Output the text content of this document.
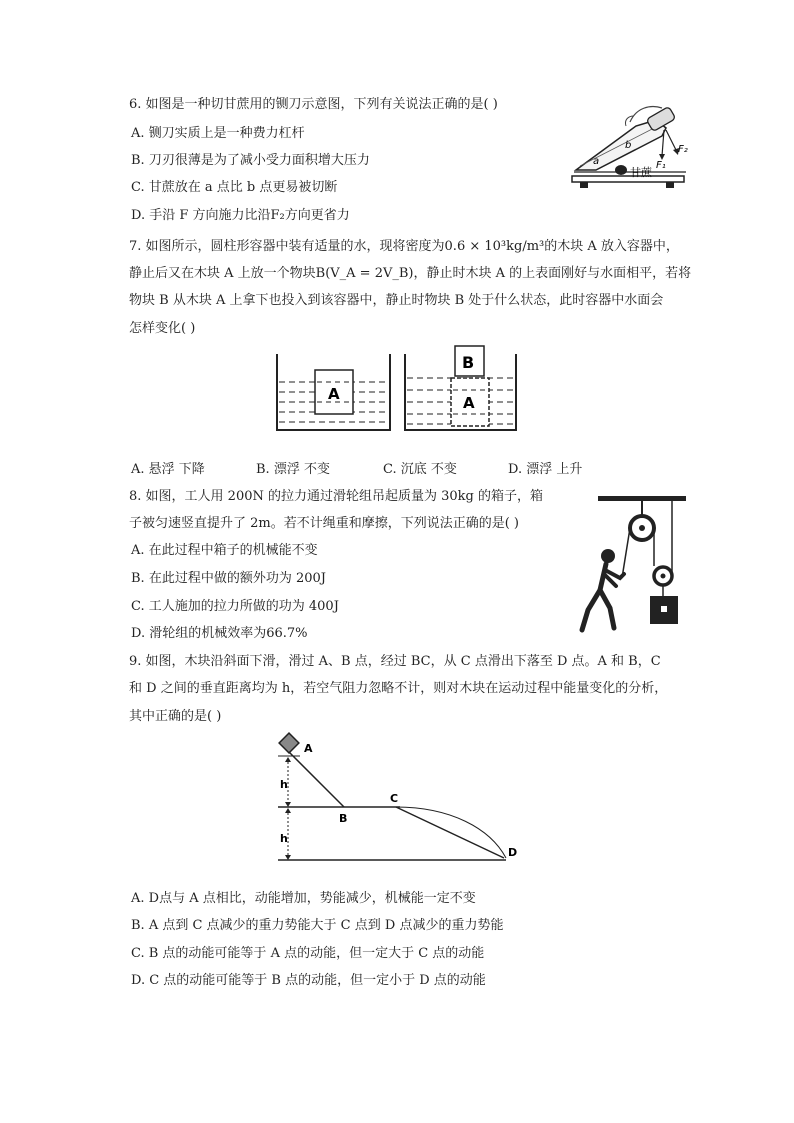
6. 如图是一种切甘蔗用的铡刀示意图，下列有关说法正确的是( )
A. 铡刀实质上是一种费力杠杆
B. 刀刃很薄是为了减小受力面积增大压力
C. 甘蔗放在 a 点比 b 点更易被切断
D. 手沿 F 方向施力比沿F₂方向更省力
a
b
甘蔗
F₁
F₂
7. 如图所示，圆柱形容器中装有适量的水，现将密度为0.6 × 10³kg/m³的木块 A 放入容器中，
静止后又在木块 A 上放一个物块B(V_A = 2V_B)，静止时木块 A 的上表面刚好与水面相平，若将
物块 B 从木块 A 上拿下也投入到该容器中，静止时物块 B 处于什么状态，此时容器中水面会
怎样变化( )
A
B
A
A. 悬浮 下降	B. 漂浮 不变	C. 沉底 不变	D. 漂浮 上升
8. 如图，工人用 200N 的拉力通过滑轮组吊起质量为 30kg 的箱子，箱
子被匀速竖直提升了 2m。若不计绳重和摩擦，下列说法正确的是( )
A. 在此过程中箱子的机械能不变
B. 在此过程中做的额外功为 200J
C. 工人施加的拉力所做的功为 400J
D. 滑轮组的机械效率为66.7%
9. 如图，木块沿斜面下滑，滑过 A、B 点，经过 BC，从 C 点滑出下落至 D 点。A 和 B，C
和 D 之间的垂直距离均为 h，若空气阻力忽略不计，则对木块在运动过程中能量变化的分析，
其中正确的是( )
A
B
C
D
h
h
A. D点与 A 点相比，动能增加，势能减少，机械能一定不变
B. A 点到 C 点减少的重力势能大于 C 点到 D 点减少的重力势能
C. B 点的动能可能等于 A 点的动能，但一定大于 C 点的动能
D. C 点的动能可能等于 B 点的动能，但一定小于 D 点的动能
